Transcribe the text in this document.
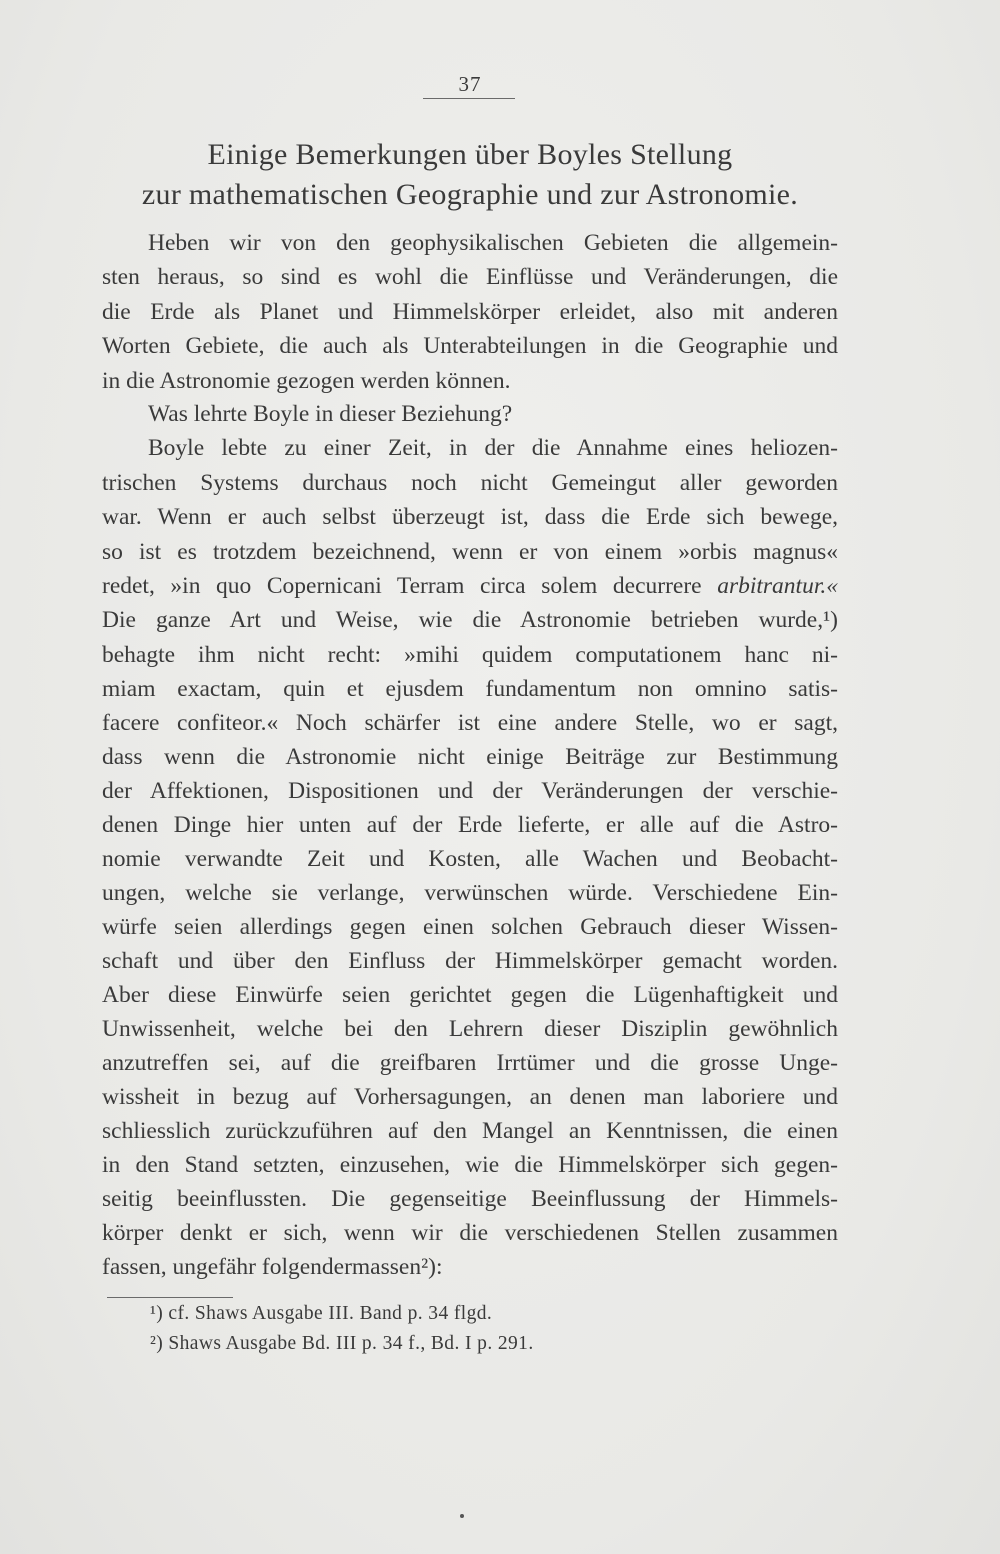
37
Einige Bemerkungen über Boyles Stellung
zur mathematischen Geographie und zur Astronomie.
Heben wir von den geophysikalischen Gebieten die allgemein-
sten heraus, so sind es wohl die Einflüsse und Veränderungen, die
die Erde als Planet und Himmelskörper erleidet, also mit anderen
Worten Gebiete, die auch als Unterabteilungen in die Geographie und
in die Astronomie gezogen werden können.
Was lehrte Boyle in dieser Beziehung?
Boyle lebte zu einer Zeit, in der die Annahme eines heliozen-
trischen Systems durchaus noch nicht Gemeingut aller geworden
war. Wenn er auch selbst überzeugt ist, dass die Erde sich bewege,
so ist es trotzdem bezeichnend, wenn er von einem »orbis magnus«
redet, »in quo Copernicani Terram circa solem decurrere arbitrantur.«
Die ganze Art und Weise, wie die Astronomie betrieben wurde,¹)
behagte ihm nicht recht: »mihi quidem computationem hanc ni-
miam exactam, quin et ejusdem fundamentum non omnino satis-
facere confiteor.« Noch schärfer ist eine andere Stelle, wo er sagt,
dass wenn die Astronomie nicht einige Beiträge zur Bestimmung
der Affektionen, Dispositionen und der Veränderungen der verschie-
denen Dinge hier unten auf der Erde lieferte, er alle auf die Astro-
nomie verwandte Zeit und Kosten, alle Wachen und Beobacht-
ungen, welche sie verlange, verwünschen würde. Verschiedene Ein-
würfe seien allerdings gegen einen solchen Gebrauch dieser Wissen-
schaft und über den Einfluss der Himmelskörper gemacht worden.
Aber diese Einwürfe seien gerichtet gegen die Lügenhaftigkeit und
Unwissenheit, welche bei den Lehrern dieser Disziplin gewöhnlich
anzutreffen sei, auf die greifbaren Irrtümer und die grosse Unge-
wissheit in bezug auf Vorhersagungen, an denen man laboriere und
schliesslich zurückzuführen auf den Mangel an Kenntnissen, die einen
in den Stand setzten, einzusehen, wie die Himmelskörper sich gegen-
seitig beeinflussten. Die gegenseitige Beeinflussung der Himmels-
körper denkt er sich, wenn wir die verschiedenen Stellen zusammen
fassen, ungefähr folgendermassen²):
¹) cf. Shaws Ausgabe III. Band p. 34 flgd.
²) Shaws Ausgabe Bd. III p. 34 f., Bd. I p. 291.
